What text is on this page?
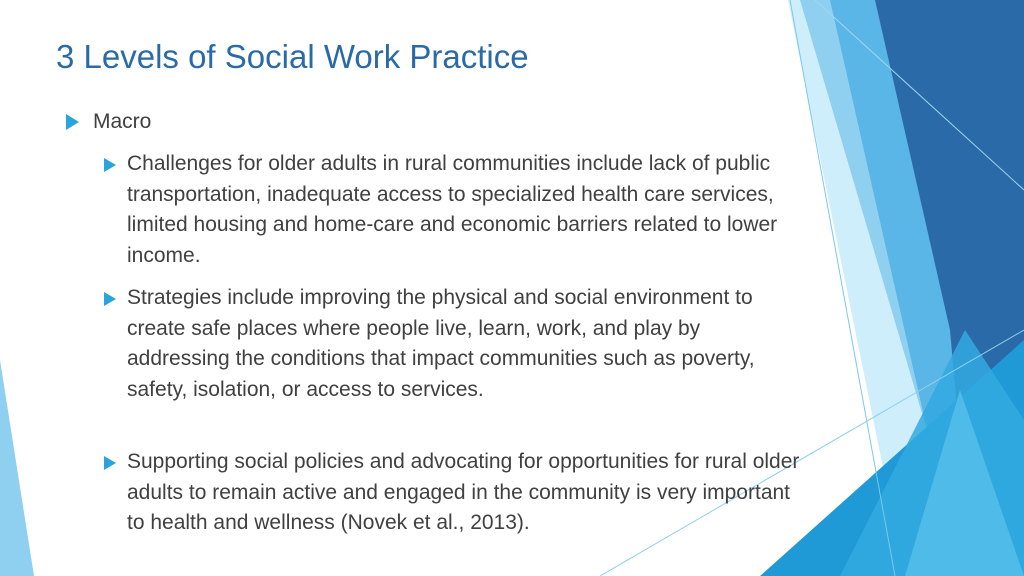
3 Levels of Social Work Practice
Macro
Challenges for older adults in rural communities include lack of public transportation, inadequate access to specialized health care services, limited housing and home-care and economic barriers related to lower income.
Strategies include improving the physical and social environment to create safe places where people live, learn, work, and play by addressing the conditions that impact communities such as poverty, safety, isolation, or access to services.
Supporting social policies and advocating for opportunities for rural older adults to remain active and engaged in the community is very important to health and wellness (Novek et al., 2013).
